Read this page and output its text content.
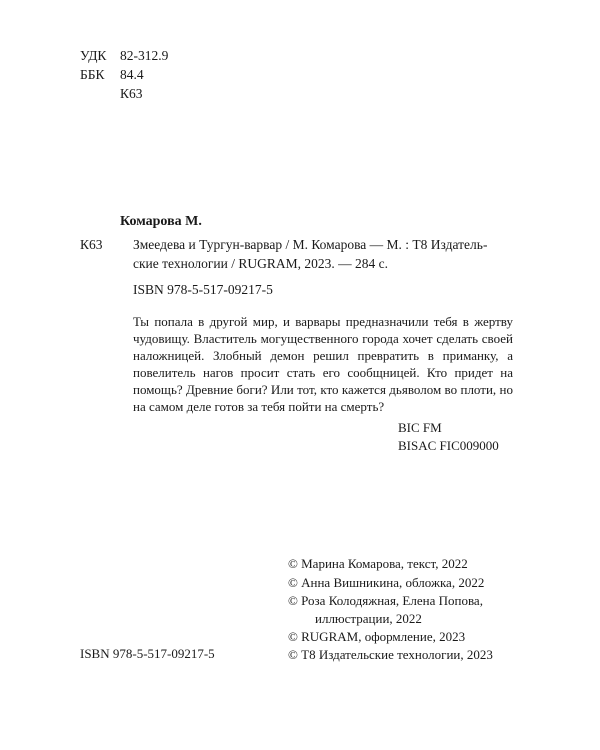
УДК 82-312.9
ББК 84.4
К63
Комарова М.
К63 Змеедева и Тургун-варвар / М. Комарова — М. : Т8 Издатель-
ские технологии / RUGRAM, 2023. — 284 с.
ISBN 978-5-517-09217-5
Ты попала в другой мир, и варвары предназначили тебя в жертву чудовищу. Властитель могущественного города хочет сделать своей наложницей. Злобный демон решил превратить в приманку, а повелитель нагов просит стать его сообщницей. Кто придет на помощь? Древние боги? Или тот, кто кажется дьяволом во плоти, но на самом деле готов за тебя пойти на смерть?
BIC FM
BISAC FIC009000
© Марина Комарова, текст, 2022
© Анна Вишникина, обложка, 2022
© Роза Колодяжная, Елена Попова,
иллюстрации, 2022
© RUGRAM, оформление, 2023
© Т8 Издательские технологии, 2023
ISBN 978-5-517-09217-5
